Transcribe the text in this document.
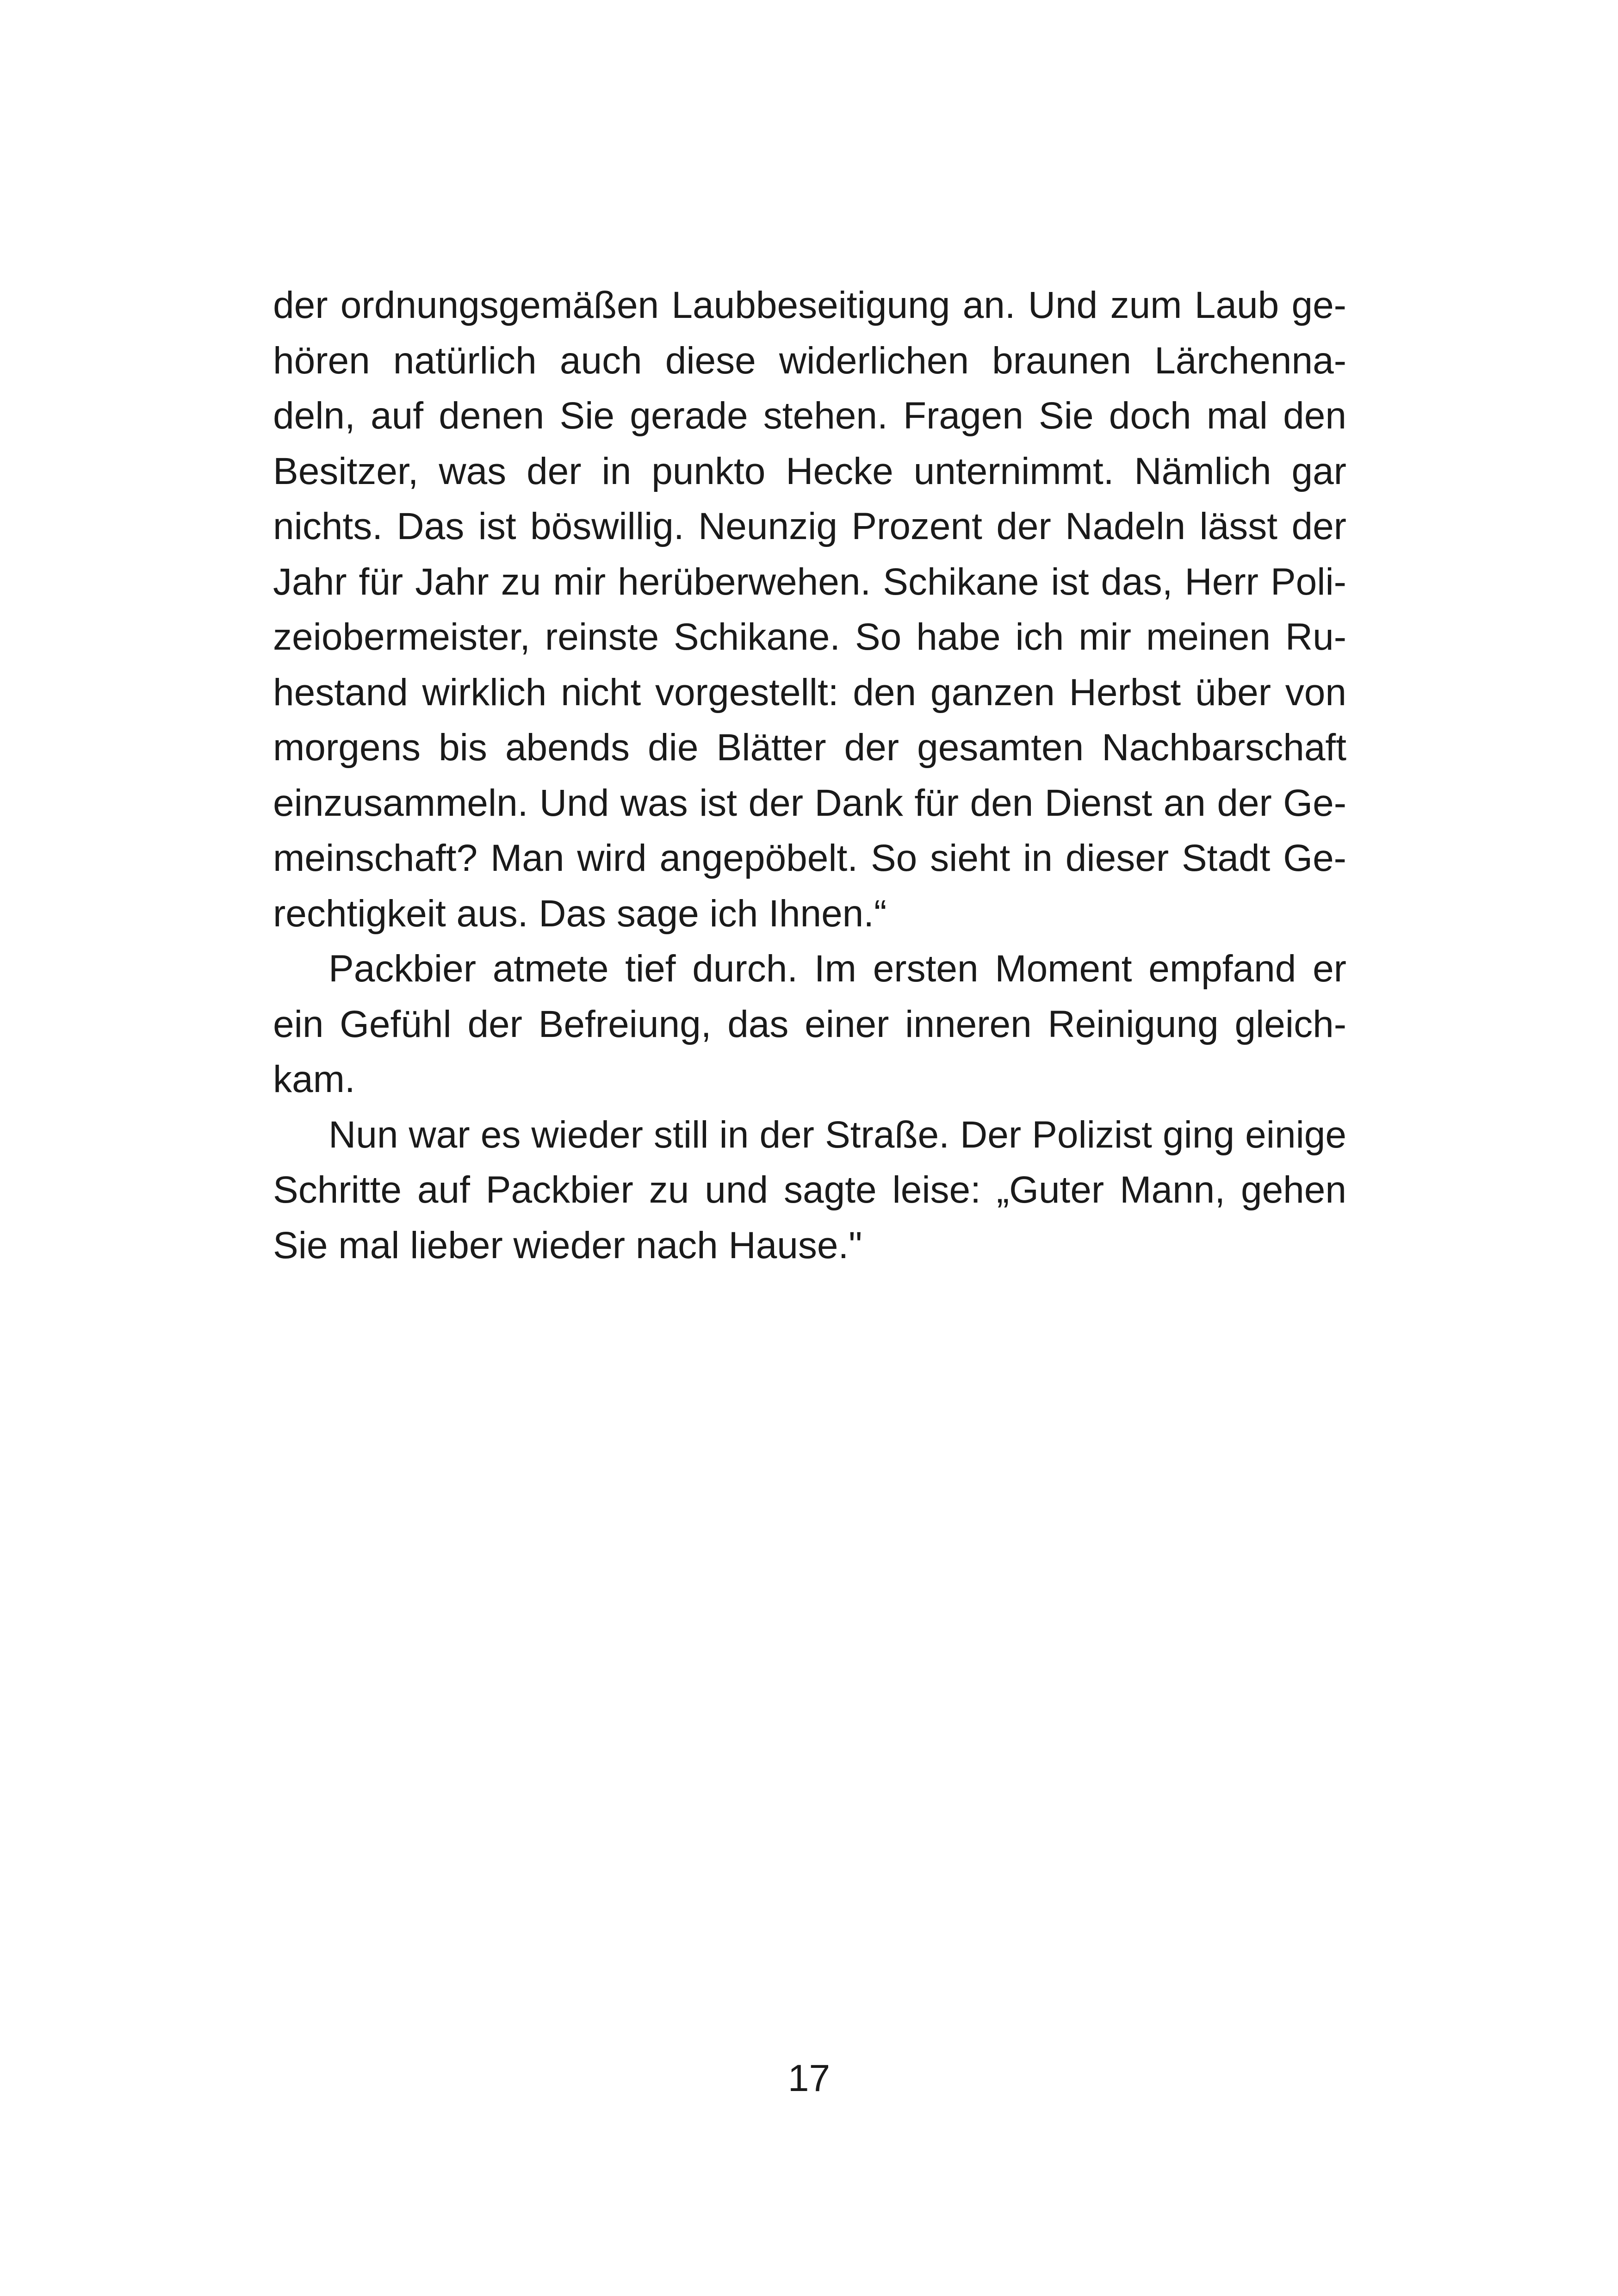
der ordnungsgemäßen Laubbeseitigung an. Und zum Laub ge-
hören natürlich auch diese widerlichen braunen Lärchenna-
deln, auf denen Sie gerade stehen. Fragen Sie doch mal den
Besitzer, was der in punkto Hecke unternimmt. Nämlich gar
nichts. Das ist böswillig. Neunzig Prozent der Nadeln lässt der
Jahr für Jahr zu mir herüberwehen. Schikane ist das, Herr Poli-
zeiobermeister, reinste Schikane. So habe ich mir meinen Ru-
hestand wirklich nicht vorgestellt: den ganzen Herbst über von
morgens bis abends die Blätter der gesamten Nachbarschaft
einzusammeln. Und was ist der Dank für den Dienst an der Ge-
meinschaft? Man wird angepöbelt. So sieht in dieser Stadt Ge-
rechtigkeit aus. Das sage ich Ihnen.“
Packbier atmete tief durch. Im ersten Moment empfand er
ein Gefühl der Befreiung, das einer inneren Reinigung gleich-
kam.
Nun war es wieder still in der Straße. Der Polizist ging einige
Schritte auf Packbier zu und sagte leise: „Guter Mann, gehen
Sie mal lieber wieder nach Hause."
17
